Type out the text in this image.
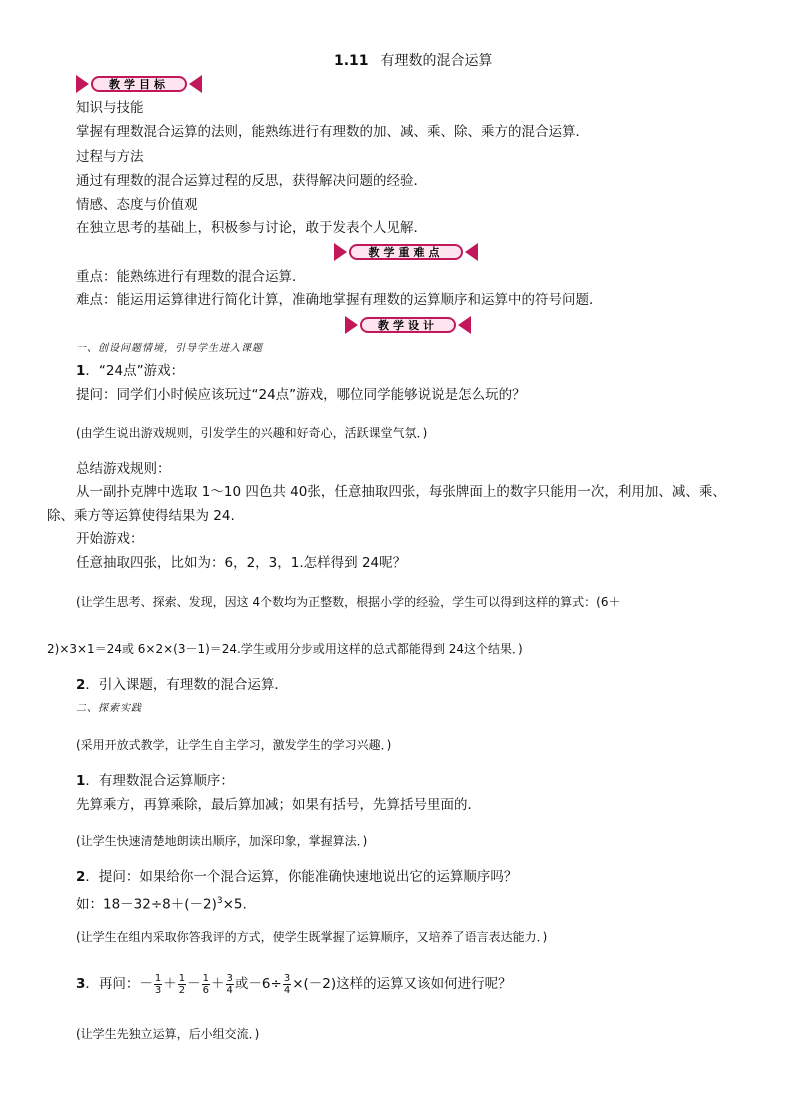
1.11 有理数的混合运算
教学目标
知识与技能
掌握有理数混合运算的法则，能熟练进行有理数的加、减、乘、除、乘方的混合运算．
过程与方法
通过有理数的混合运算过程的反思，获得解决问题的经验．
情感、态度与价值观
在独立思考的基础上，积极参与讨论，敢于发表个人见解．
教学重难点
重点：能熟练进行有理数的混合运算．
难点：能运用运算律进行简化计算，准确地掌握有理数的运算顺序和运算中的符号问题．
教学设计
一、创设问题情境，引导学生进入课题
1．“24点”游戏：
提问：同学们小时候应该玩过“24点”游戏，哪位同学能够说说是怎么玩的？
(由学生说出游戏规则，引发学生的兴趣和好奇心，活跃课堂气氛．)
总结游戏规则：
从一副扑克牌中选取 1～10 四色共 40张，任意抽取四张，每张牌面上的数字只能用一次，利用加、减、乘、
除、乘方等运算使得结果为 24.
开始游戏：
任意抽取四张，比如为：6，2，3，1.怎样得到 24呢？
(让学生思考、探索、发现，因这 4个数均为正整数，根据小学的经验，学生可以得到这样的算式：(6＋
2)×3×1＝24或 6×2×(3－1)＝24.学生或用分步或用这样的总式都能得到 24这个结果．)
2．引入课题，有理数的混合运算．
二、探索实践
(采用开放式教学，让学生自主学习，激发学生的学习兴趣．)
1．有理数混合运算顺序：
先算乘方，再算乘除，最后算加减；如果有括号，先算括号里面的．
(让学生快速清楚地朗读出顺序，加深印象，掌握算法．)
2．提问：如果给你一个混合运算，你能准确快速地说出它的运算顺序吗？
如：$18-32\div 8+(-2)^3\times 5$.
(让学生在组内采取你答我评的方式，使学生既掌握了运算顺序，又培养了语言表达能力．)
3．再问：－ $\frac{1}{3} + \frac{1}{2} - \frac{1}{6} + \frac{3}{4}$ 或$-6\div \frac{3}{4} \times(-2)$这样的运算又该如何进行呢？
(让学生先独立运算，后小组交流．)
